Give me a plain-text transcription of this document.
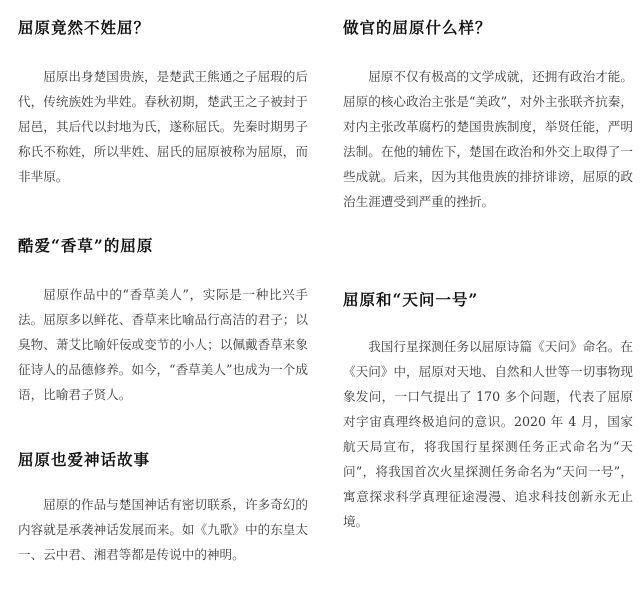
屈原竟然不姓屈？

屈原出身楚国贵族，是楚武王熊通之子屈瑕的后代，传统族姓为芈姓。春秋初期，楚武王之子被封于屈邑，其后代以封地为氏，遂称屈氏。先秦时期男子称氏不称姓，所以芈姓、屈氏的屈原被称为屈原，而非芈原。

酷爱“香草”的屈原

屈原作品中的“香草美人”，实际是一种比兴手法。屈原多以鲜花、香草来比喻品行高洁的君子；以臭物、萧艾比喻奸佞或变节的小人；以佩戴香草来象征诗人的品德修养。如今，“香草美人”也成为一个成语，比喻君子贤人。

屈原也爱神话故事

屈原的作品与楚国神话有密切联系，许多奇幻的内容就是承袭神话发展而来。如《九歌》中的东皇太一、云中君、湘君等都是传说中的神明。

做官的屈原什么样？

屈原不仅有极高的文学成就，还拥有政治才能。屈原的核心政治主张是“美政”，对外主张联齐抗秦，对内主张改革腐朽的楚国贵族制度，举贤任能，严明法制。在他的辅佐下，楚国在政治和外交上取得了一些成就。后来，因为其他贵族的排挤诽谤，屈原的政治生涯遭受到严重的挫折。

屈原和“天问一号”

我国行星探测任务以屈原诗篇《天问》命名。在《天问》中，屈原对天地、自然和人世等一切事物现象发问，一口气提出了 170 多个问题，代表了屈原对宇宙真理终极追问的意识。2020 年 4 月，国家航天局宣布，将我国行星探测任务正式命名为“天问”，将我国首次火星探测任务命名为“天问一号”，寓意探求科学真理征途漫漫、追求科技创新永无止境。
